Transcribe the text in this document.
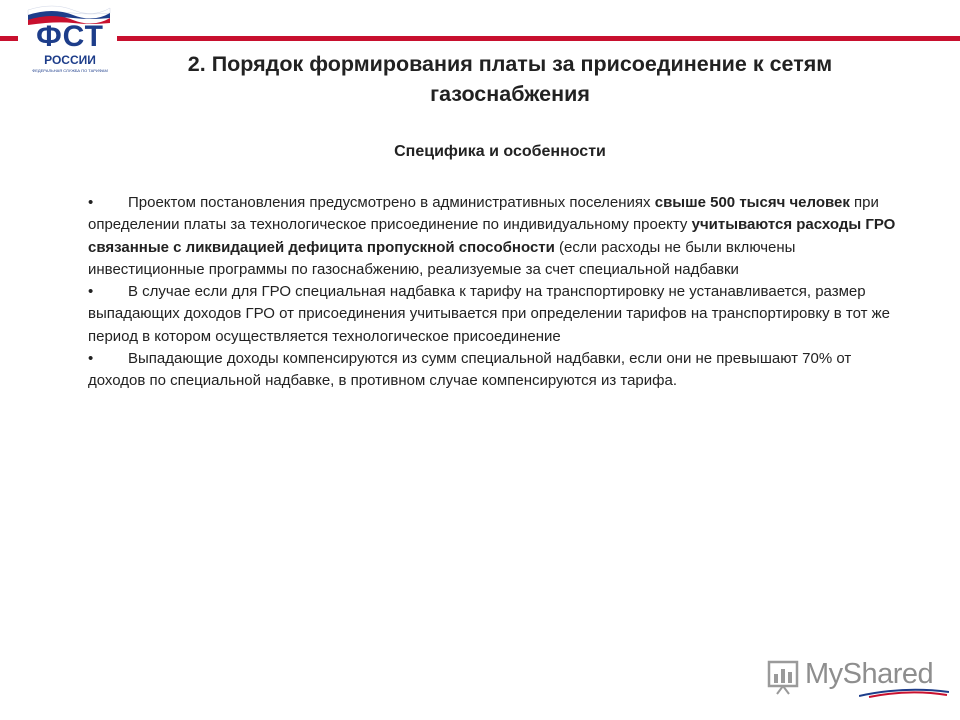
ФСТ
РОССИИ
ФЕДЕРАЛЬНАЯ СЛУЖБА ПО ТАРИФАМ	2. Порядок формирования платы за присоединение к сетям
газоснабжения
Специфика и особенности

• Проектом постановления предусмотрено в административных поселениях свыше 500 тысяч человек при определении платы за технологическое присоединение по индивидуальному проекту учитываются расходы ГРО связанные с ликвидацией дефицита пропускной способности (если расходы не были включены инвестиционные программы по газоснабжению, реализуемые за счет специальной надбавки

• В случае если для ГРО специальная надбавка к тарифу на транспортировку не устанавливается, размер выпадающих доходов ГРО от присоединения учитывается при определении тарифов на транспортировку в тот же период в котором осуществляется технологическое присоединение

• Выпадающие доходы компенсируются из сумм специальной надбавки, если они не превышают 70% от доходов по специальной надбавке, в противном случае компенсируются из тарифа.

MyShared
